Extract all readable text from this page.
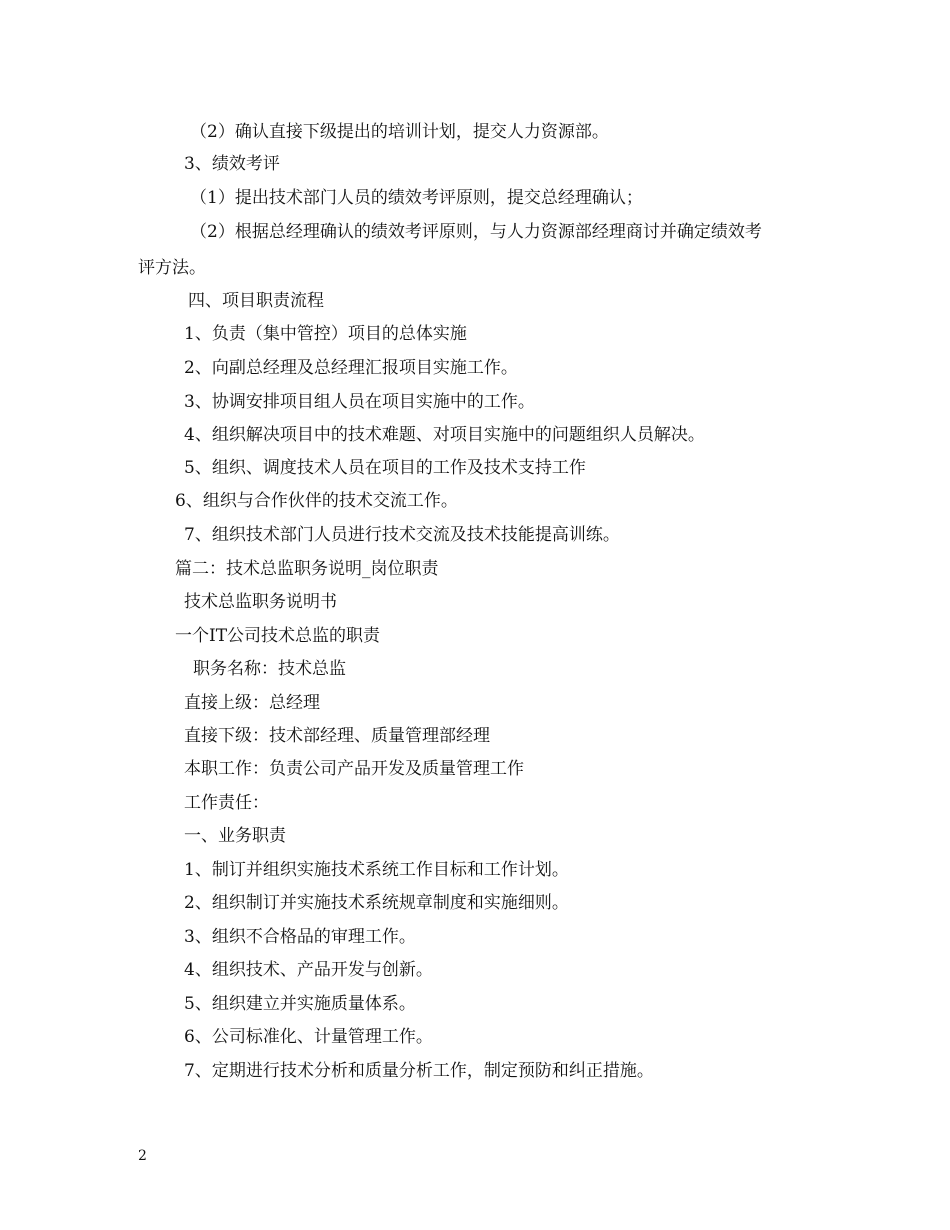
（2）确认直接下级提出的培训计划，提交人力资源部。
3、绩效考评
（1）提出技术部门人员的绩效考评原则，提交总经理确认；
（2）根据总经理确认的绩效考评原则，与人力资源部经理商讨并确定绩效考
评方法。
四、项目职责流程
1、负责（集中管控）项目的总体实施
2、向副总经理及总经理汇报项目实施工作。
3、协调安排项目组人员在项目实施中的工作。
4、组织解决项目中的技术难题、对项目实施中的问题组织人员解决。
5、组织、调度技术人员在项目的工作及技术支持工作
6、组织与合作伙伴的技术交流工作。
7、组织技术部门人员进行技术交流及技术技能提高训练。
篇二：技术总监职务说明_岗位职责
技术总监职务说明书
一个IT公司技术总监的职责
职务名称：技术总监
直接上级：总经理
直接下级：技术部经理、质量管理部经理
本职工作：负责公司产品开发及质量管理工作
工作责任：
一、业务职责
1、制订并组织实施技术系统工作目标和工作计划。
2、组织制订并实施技术系统规章制度和实施细则。
3、组织不合格品的审理工作。
4、组织技术、产品开发与创新。
5、组织建立并实施质量体系。
6、公司标准化、计量管理工作。
7、定期进行技术分析和质量分析工作，制定预防和纠正措施。
2
